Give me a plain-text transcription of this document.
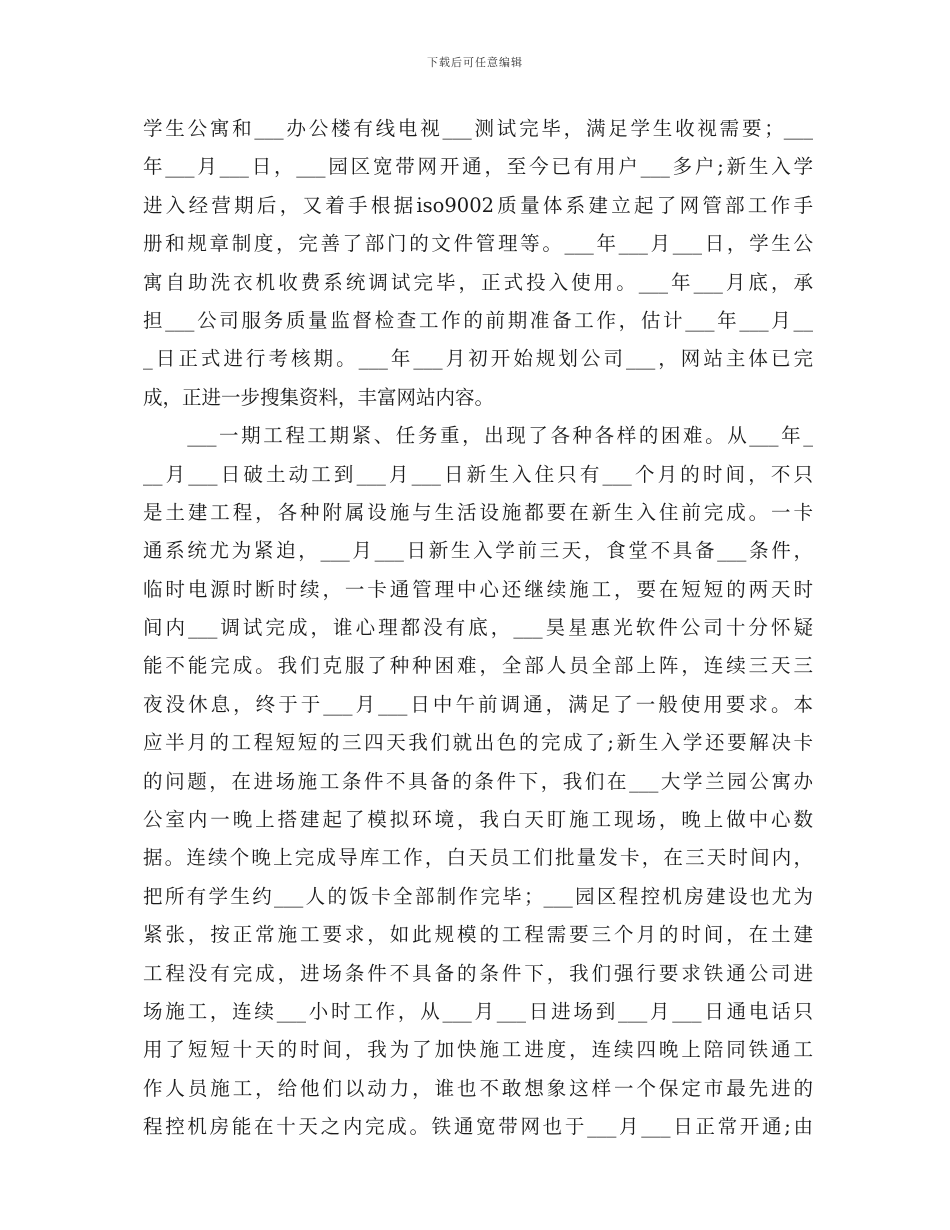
下载后可任意编辑
学生公寓和___办公楼有线电视___测试完毕，满足学生收视需要；___
年___月___日，___园区宽带网开通，至今已有用户___多户;新生入学
进入经营期后，又着手根据iso9002质量体系建立起了网管部工作手
册和规章制度，完善了部门的文件管理等。___年___月___日，学生公
寓自助洗衣机收费系统调试完毕，正式投入使用。___年___月底，承
担___公司服务质量监督检查工作的前期准备工作，估计___年___月__
_日正式进行考核期。___年___月初开始规划公司___，网站主体已完
成，正进一步搜集资料，丰富网站内容。
　　___一期工程工期紧、任务重，出现了各种各样的困难。从___年_
__月___日破土动工到___月___日新生入住只有___个月的时间，不只
是土建工程，各种附属设施与生活设施都要在新生入住前完成。一卡
通系统尤为紧迫，___月___日新生入学前三天，食堂不具备___条件，
临时电源时断时续，一卡通管理中心还继续施工，要在短短的两天时
间内___调试完成，谁心理都没有底，___昊星惠光软件公司十分怀疑
能不能完成。我们克服了种种困难，全部人员全部上阵，连续三天三
夜没休息，终于于___月___日中午前调通，满足了一般使用要求。本
应半月的工程短短的三四天我们就出色的完成了;新生入学还要解决卡
的问题，在进场施工条件不具备的条件下，我们在___大学兰园公寓办
公室内一晚上搭建起了模拟环境，我白天盯施工现场，晚上做中心数
据。连续个晚上完成导库工作，白天员工们批量发卡，在三天时间内，
把所有学生约___人的饭卡全部制作完毕；___园区程控机房建设也尤为
紧张，按正常施工要求，如此规模的工程需要三个月的时间，在土建
工程没有完成，进场条件不具备的条件下，我们强行要求铁通公司进
场施工，连续___小时工作，从___月___日进场到___月___日通电话只
用了短短十天的时间，我为了加快施工进度，连续四晚上陪同铁通工
作人员施工，给他们以动力，谁也不敢想象这样一个保定市最先进的
程控机房能在十天之内完成。铁通宽带网也于___月___日正常开通;由
